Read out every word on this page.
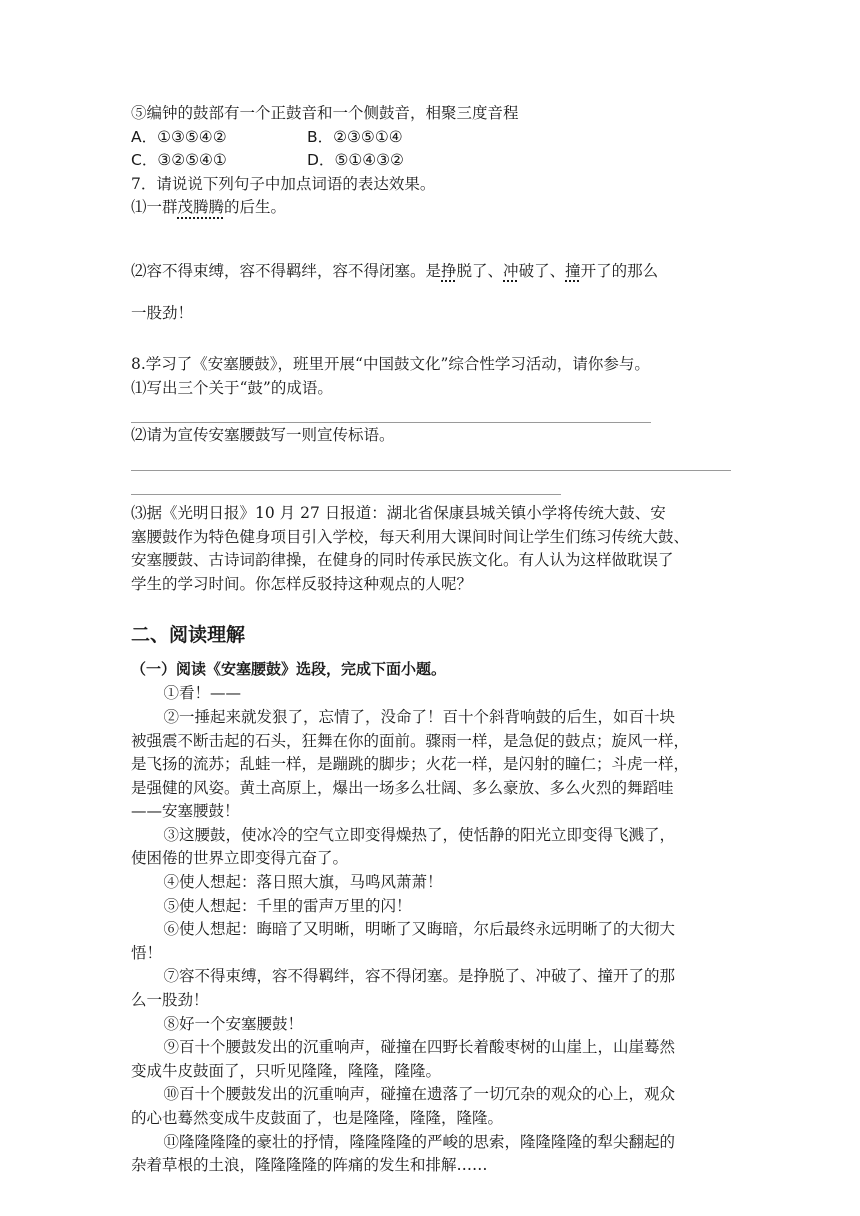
⑤编钟的鼓部有一个正鼓音和一个侧鼓音，相聚三度音程
A．①③⑤④②	B．②③⑤①④
C．③②⑤④①	D．⑤①④③②
7．请说说下列句子中加点词语的表达效果。
⑴一群茂腾腾的后生。
⑵容不得束缚，容不得羁绊，容不得闭塞。是挣脱了、冲破了、撞开了的那么
一股劲！
8.学习了《安塞腰鼓》，班里开展“中国鼓文化”综合性学习活动，请你参与。
⑴写出三个关于“鼓”的成语。
⑵请为宣传安塞腰鼓写一则宣传标语。
⑶据《光明日报》10 月 27 日报道：湖北省保康县城关镇小学将传统大鼓、安
塞腰鼓作为特色健身项目引入学校，每天利用大课间时间让学生们练习传统大鼓、
安塞腰鼓、古诗词韵律操，在健身的同时传承民族文化。有人认为这样做耽误了
学生的学习时间。你怎样反驳持这种观点的人呢？
二、阅读理解
（一）阅读《安塞腰鼓》选段，完成下面小题。
①看！——
②一捶起来就发狠了，忘情了，没命了！百十个斜背响鼓的后生，如百十块
被强震不断击起的石头，狂舞在你的面前。骤雨一样，是急促的鼓点；旋风一样，
是飞扬的流苏；乱蛙一样，是蹦跳的脚步；火花一样，是闪射的瞳仁；斗虎一样，
是强健的风姿。黄土高原上，爆出一场多么壮阔、多么豪放、多么火烈的舞蹈哇
——安塞腰鼓！
③这腰鼓，使冰冷的空气立即变得燥热了，使恬静的阳光立即变得飞溅了，
使困倦的世界立即变得亢奋了。
④使人想起：落日照大旗，马鸣风萧萧！
⑤使人想起：千里的雷声万里的闪！
⑥使人想起：晦暗了又明晰，明晰了又晦暗，尔后最终永远明晰了的大彻大
悟！
⑦容不得束缚，容不得羁绊，容不得闭塞。是挣脱了、冲破了、撞开了的那
么一股劲！
⑧好一个安塞腰鼓！
⑨百十个腰鼓发出的沉重响声，碰撞在四野长着酸枣树的山崖上，山崖蓦然
变成牛皮鼓面了，只听见隆隆，隆隆，隆隆。
⑩百十个腰鼓发出的沉重响声，碰撞在遗落了一切冗杂的观众的心上，观众
的心也蓦然变成牛皮鼓面了，也是隆隆，隆隆，隆隆。
⑪隆隆隆隆的豪壮的抒情，隆隆隆隆的严峻的思索，隆隆隆隆的犁尖翻起的
杂着草根的土浪，隆隆隆隆的阵痛的发生和排解……
